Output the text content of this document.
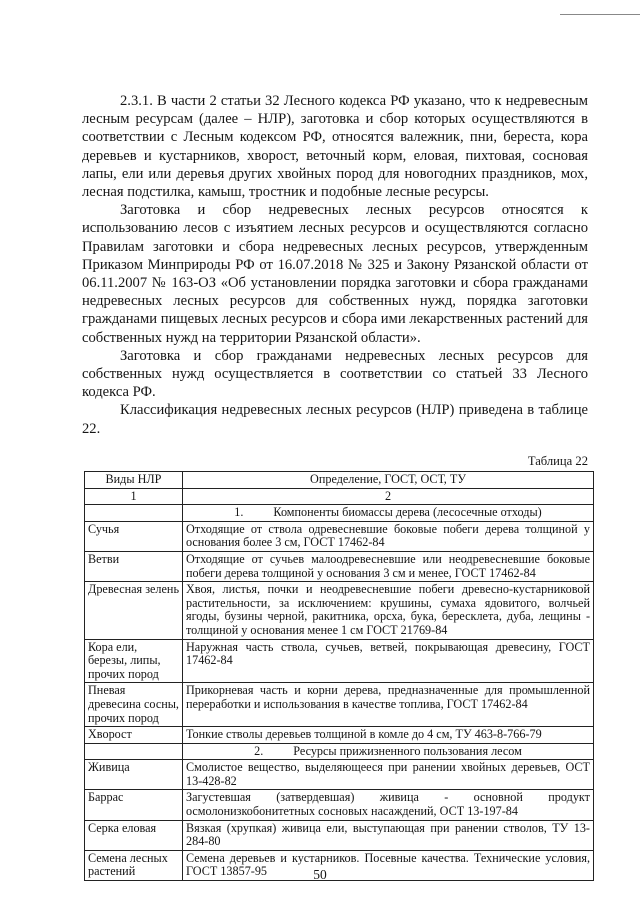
2.3.1. В части 2 статьи 32 Лесного кодекса РФ указано, что к недревесным лесным ресурсам (далее – НЛР), заготовка и сбор которых осуществляются в соответствии с Лесным кодексом РФ, относятся валежник, пни, береста, кора деревьев и кустарников, хворост, веточный корм, еловая, пихтовая, сосновая лапы, ели или деревья других хвойных пород для новогодних праздников, мох, лесная подстилка, камыш, тростник и подобные лесные ресурсы.

Заготовка и сбор недревесных лесных ресурсов относятся к использованию лесов с изъятием лесных ресурсов и осуществляются согласно Правилам заготовки и сбора недревесных лесных ресурсов, утвержденным Приказом Минприроды РФ от 16.07.2018 № 325 и Закону Рязанской области от 06.11.2007 № 163-ОЗ «Об установлении порядка заготовки и сбора гражданами недревесных лесных ресурсов для собственных нужд, порядка заготовки гражданами пищевых лесных ресурсов и сбора ими лекарственных растений для собственных нужд на территории Рязанской области».

Заготовка и сбор гражданами недревесных лесных ресурсов для собственных нужд осуществляется в соответствии со статьей 33 Лесного кодекса РФ.

Классификация недревесных лесных ресурсов (НЛР) приведена в таблице 22.

Таблица 22
Виды НЛР	Определение, ГОСТ, ОСТ, ТУ
1	2
	1. Компоненты биомассы дерева (лесосечные отходы)
Сучья	Отходящие от ствола одревесневшие боковые побеги дерева толщиной у основания более 3 см, ГОСТ 17462-84
Ветви	Отходящие от сучьев малоодревесневшие или неодревесневшие боковые побеги дерева толщиной у основания 3 см и менее, ГОСТ 17462-84
Древесная зелень	Хвоя, листья, почки и неодревесневшие побеги древесно-кустарниковой растительности, за исключением: крушины, сумаха ядовитого, волчьей ягоды, бузины черной, ракитника, орсха, бука, бересклета, дуба, лещины - толщиной у основания менее 1 см ГОСТ 21769-84
Кора ели, березы, липы, прочих пород	Наружная часть ствола, сучьев, ветвей, покрывающая древесину, ГОСТ 17462-84
Пневая древесина сосны, прочих пород	Прикорневая часть и корни дерева, предназначенные для промышленной переработки и использования в качестве топлива, ГОСТ 17462-84
Хворост	Тонкие стволы деревьев толщиной в комле до 4 см, ТУ 463-8-766-79
	2. Ресурсы прижизненного пользования лесом
Живица	Смолистое вещество, выделяющееся при ранении хвойных деревьев, ОСТ 13-428-82
Баррас	Загустевшая (затвердевшая) живица - основной продукт осмолонизкобонитетных сосновых насаждений, ОСТ 13-197-84
Серка еловая	Вязкая (хрупкая) живица ели, выступающая при ранении стволов, ТУ 13-284-80
Семена лесных растений	Семена деревьев и кустарников. Посевные качества. Технические условия, ГОСТ 13857-95	50
